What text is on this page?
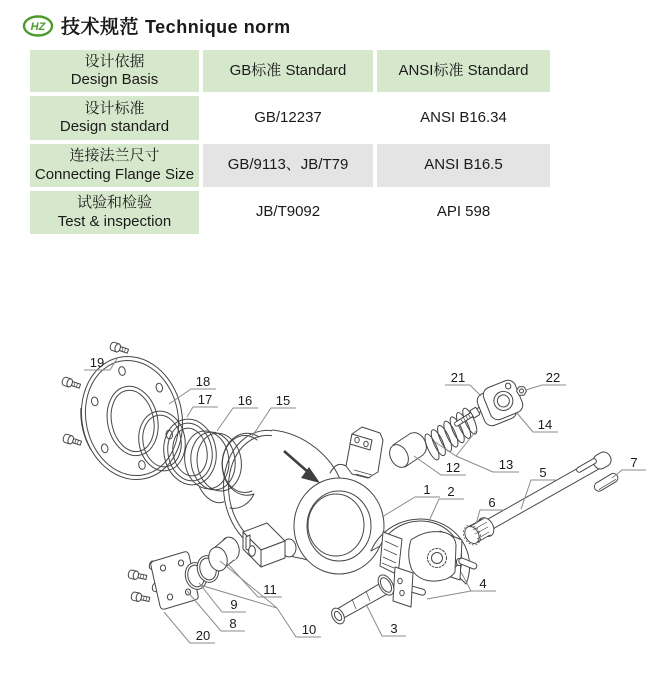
HZ 技术规范 Technique norm
设计依据
Design Basis
GB标准 Standard	ANSI标准 Standard
设计标准
Design standard
GB/12237	ANSI B16.34
连接法兰尺寸
Connecting Flange Size
GB/9113、JB/T79	ANSI B16.5
试验和检验
Test & inspection
JB/T9092	API 598
1 2
3
4
5
6
7
8
9
10
11
12	13
14
15
16
17
18
19
20
21	22
